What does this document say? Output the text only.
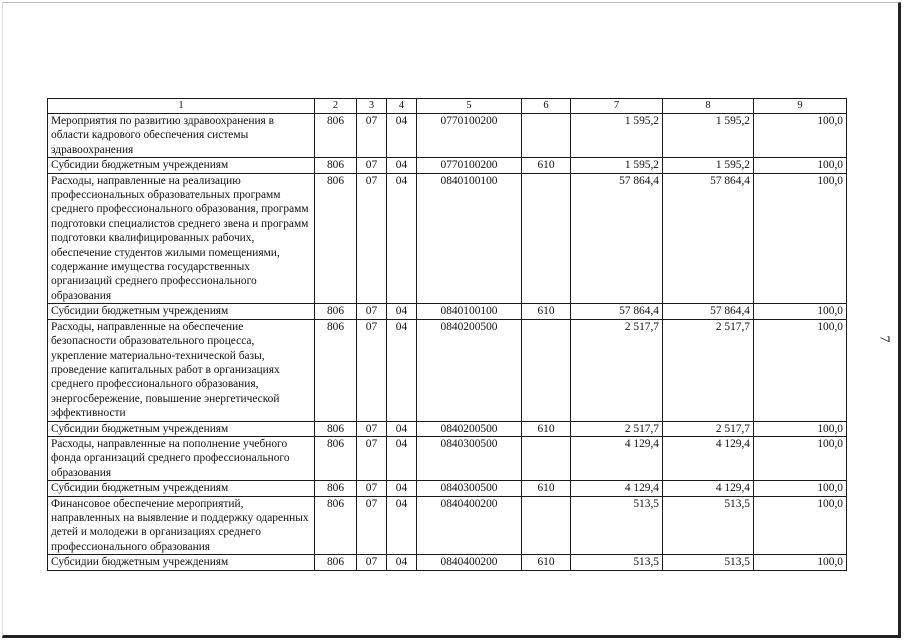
1	2	3	4	5	6	7	8	9
Мероприятия по развитию здравоохранения в области кадрового обеспечения системы здравоохранения	806	07	04	0770100200		1 595,2	1 595,2	100,0
Субсидии бюджетным учреждениям	806	07	04	0770100200	610	1 595,2	1 595,2	100,0
Расходы, направленные на реализацию профессиональных образовательных программ среднего профессионального образования, программ подготовки специалистов среднего звена и программ подготовки квалифицированных рабочих, обеспечение студентов жилыми помещениями, содержание имущества государственных организаций среднего профессионального образования	806	07	04	0840100100		57 864,4	57 864,4	100,0
Субсидии бюджетным учреждениям	806	07	04	0840100100	610	57 864,4	57 864,4	100,0
Расходы, направленные на обеспечение безопасности образовательного процесса, укрепление материально-технической базы, проведение капитальных работ в организациях среднего профессионального образования, энергосбережение, повышение энергетической эффективности	806	07	04	0840200500		2 517,7	2 517,7	100,0
Субсидии бюджетным учреждениям	806	07	04	0840200500	610	2 517,7	2 517,7	100,0
Расходы, направленные на пополнение учебного фонда организаций среднего профессионального образования	806	07	04	0840300500		4 129,4	4 129,4	100,0
Субсидии бюджетным учреждениям	806	07	04	0840300500	610	4 129,4	4 129,4	100,0
Финансовое обеспечение мероприятий, направленных на выявление и поддержку одаренных детей и молодежи в организациях среднего профессионального образования	806	07	04	0840400200		513,5	513,5	100,0
Субсидии бюджетным учреждениям	806	07	04	0840400200	610	513,5	513,5	100,0
7
